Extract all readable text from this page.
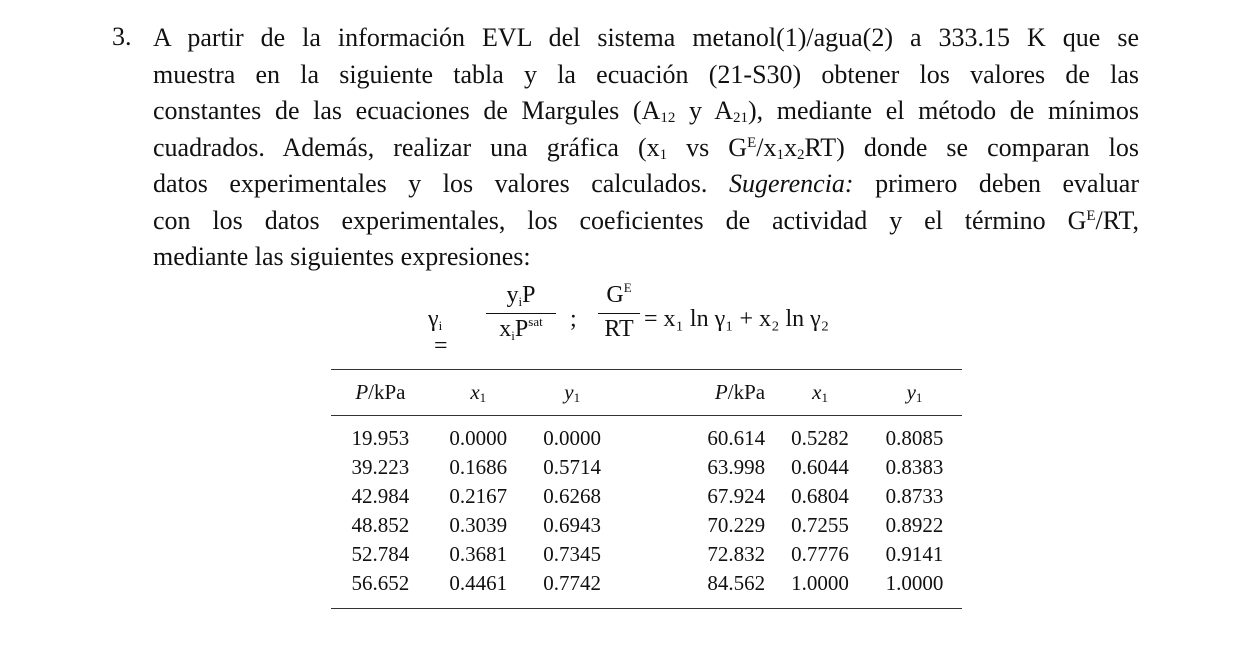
3. A partir de la información EVL del sistema metanol(1)/agua(2) a 333.15 K que se
muestra en la siguiente tabla y la ecuación (21-S30) obtener los valores de las
constantes de las ecuaciones de Margules ($A_{12}$ y $A_{21}$), mediante el método de mínimos
cuadrados. Además, realizar una gráfica ($x_1$ vs $G^E/x_1x_2RT$) donde se comparan los
datos experimentales y los valores calculados. Sugerencia: primero deben evaluar
con los datos experimentales, los coeficientes de actividad y el término $G^E/RT$,
mediante las siguientes expresiones:
$\gamma_i$ =
$y_iP$
$x_iP^{sat}$	;
$G^E$
RT = x₁ ln γ₁ + x₂ ln γ₂
P/kPa	$x_1$	$y_1$	P/kPa	$x_1$	$y_1$
19.953	0.0000	0.0000	60.614	0.5282	0.8085
39.223	0.1686	0.5714	63.998	0.6044	0.8383
42.984	0.2167	0.6268	67.924	0.6804	0.8733
48.852	0.3039	0.6943	70.229	0.7255	0.8922
52.784	0.3681	0.7345	72.832	0.7776	0.9141
56.652	0.4461	0.7742	84.562	1.0000	1.0000
